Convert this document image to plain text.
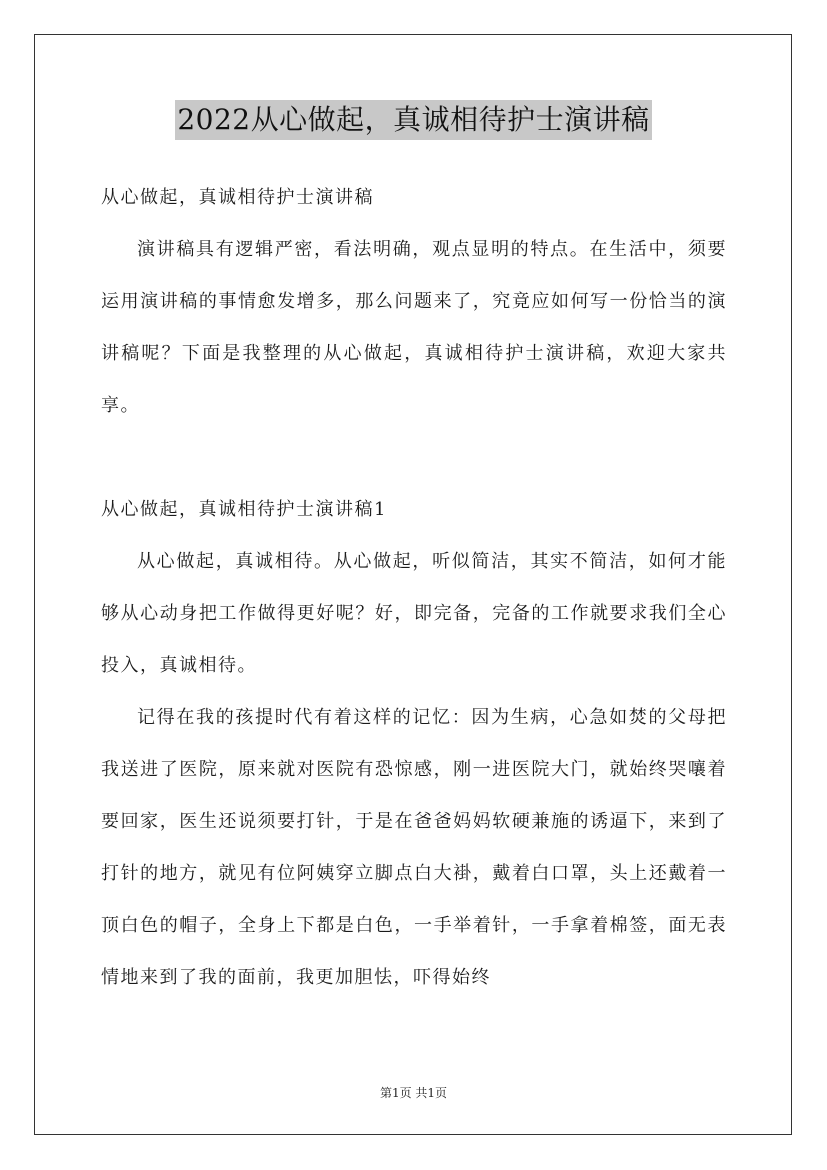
2022从心做起，真诚相待护士演讲稿

从心做起，真诚相待护士演讲稿

演讲稿具有逻辑严密，看法明确，观点显明的特点。在生活中，须要运用演讲稿的事情愈发增多，那么问题来了，究竟应如何写一份恰当的演讲稿呢？下面是我整理的从心做起，真诚相待护士演讲稿，欢迎大家共享。

从心做起，真诚相待护士演讲稿1

从心做起，真诚相待。从心做起，听似简洁，其实不简洁，如何才能够从心动身把工作做得更好呢？好，即完备，完备的工作就要求我们全心投入，真诚相待。

记得在我的孩提时代有着这样的记忆：因为生病，心急如焚的父母把我送进了医院，原来就对医院有恐惊感，刚一进医院大门，就始终哭嚷着要回家，医生还说须要打针，于是在爸爸妈妈软硬兼施的诱逼下，来到了打针的地方，就见有位阿姨穿立脚点白大褂，戴着白口罩，头上还戴着一顶白色的帽子，全身上下都是白色，一手举着针，一手拿着棉签，面无表情地来到了我的面前，我更加胆怯，吓得始终

第1页 共1页
